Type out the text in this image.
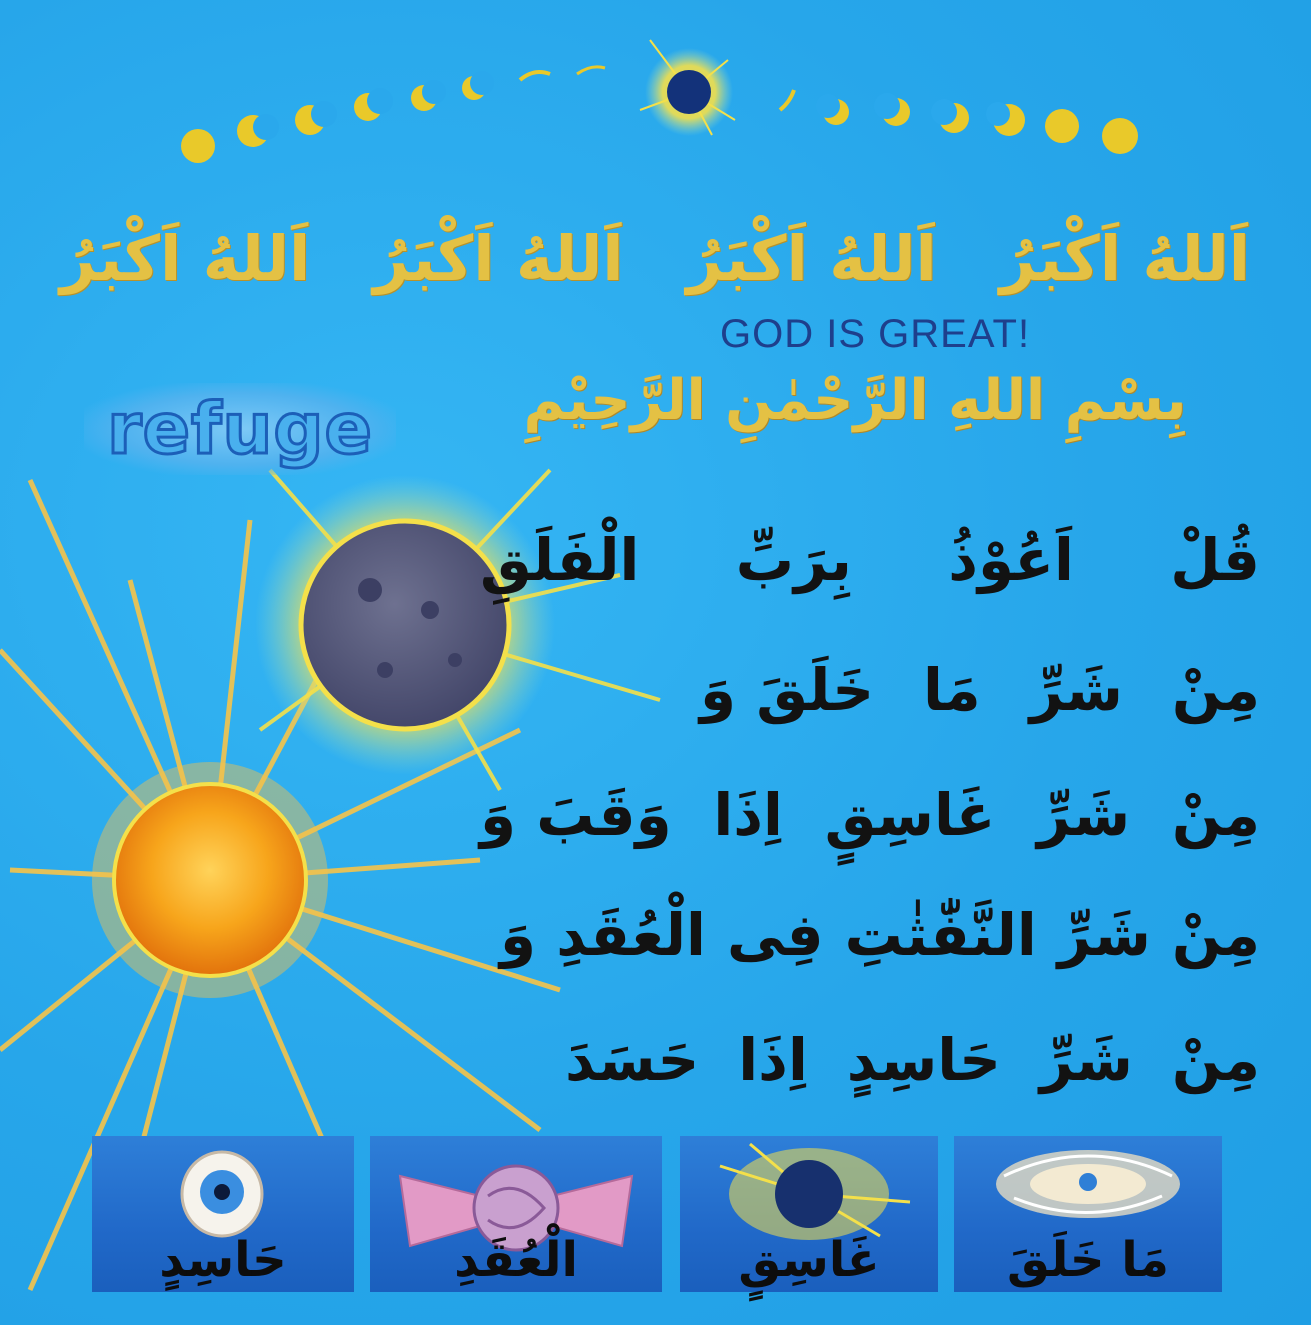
اَللهُ اَكْبَرُ
اَللهُ اَكْبَرُ
اَللهُ اَكْبَرُ
اَللهُ اَكْبَرُ
GOD IS GREAT!
refuge	بِسْمِ اللهِ الرَّحْمٰنِ الرَّحِيْمِ
قُلْ
اَعُوْذُ
بِرَبِّ
الْفَلَقِ
مِنْ
شَرِّ
مَا
خَلَقَ وَ
مِنْ
شَرِّ
غَاسِقٍ
اِذَا
وَقَبَ وَ
مِنْ
شَرِّ
النَّفّٰثٰتِ
فِى
الْعُقَدِ وَ
مِنْ
شَرِّ
حَاسِدٍ
اِذَا
حَسَدَ
حَاسِدٍ	الْعُقَدِ	غَاسِقٍ	مَا خَلَقَ
